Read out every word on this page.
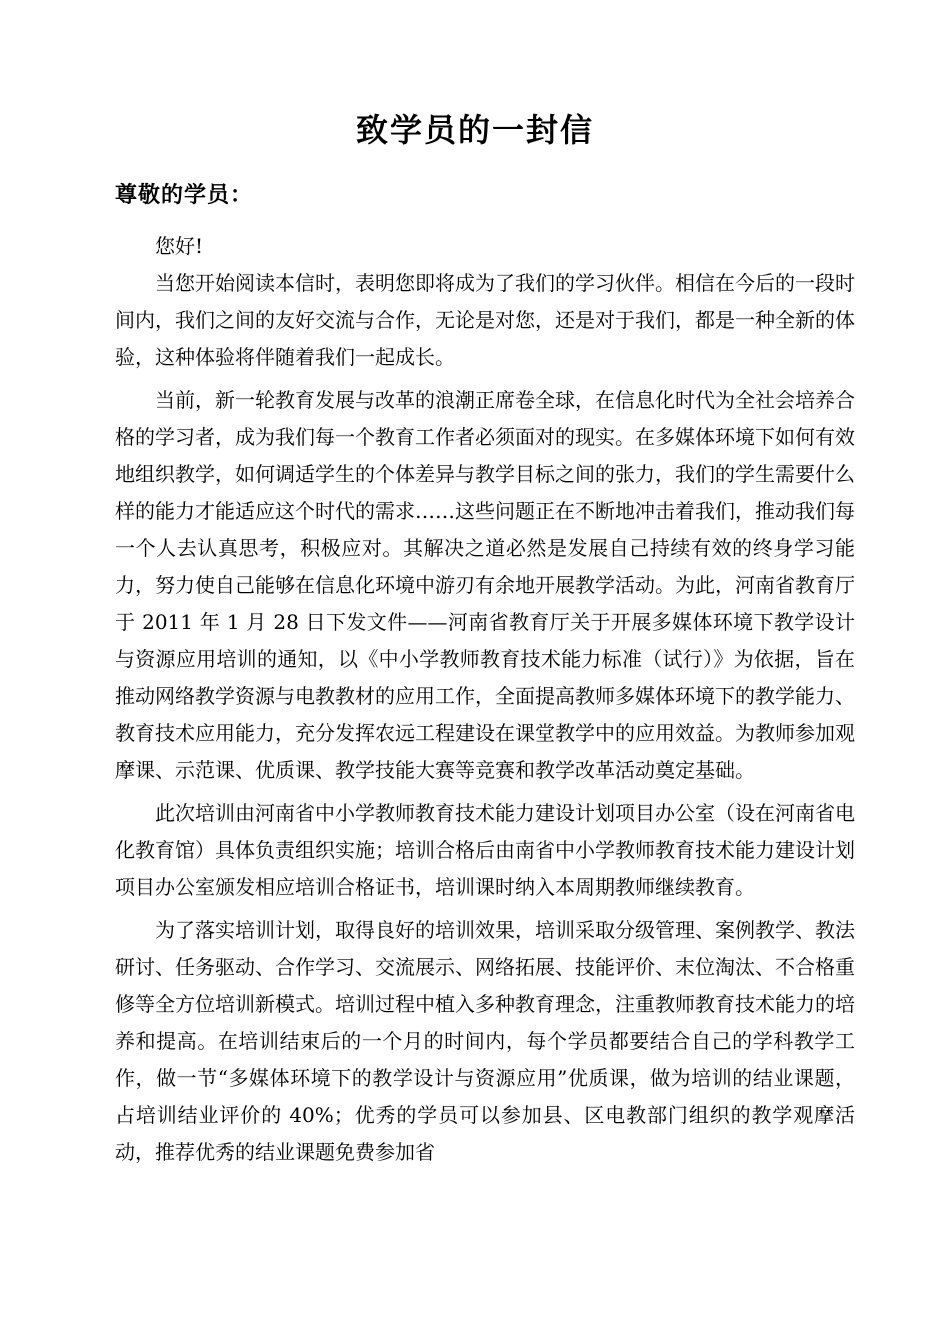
致学员的一封信
尊敬的学员：

您好!

当您开始阅读本信时，表明您即将成为了我们的学习伙伴。相信在今后的一段时间内，我们之间的友好交流与合作，无论是对您，还是对于我们，都是一种全新的体验，这种体验将伴随着我们一起成长。

当前，新一轮教育发展与改革的浪潮正席卷全球，在信息化时代为全社会培养合格的学习者，成为我们每一个教育工作者必须面对的现实。在多媒体环境下如何有效地组织教学，如何调适学生的个体差异与教学目标之间的张力，我们的学生需要什么样的能力才能适应这个时代的需求……这些问题正在不断地冲击着我们，推动我们每一个人去认真思考，积极应对。其解决之道必然是发展自己持续有效的终身学习能力，努力使自己能够在信息化环境中游刃有余地开展教学活动。为此，河南省教育厅于 2011 年 1 月 28 日下发文件——河南省教育厅关于开展多媒体环境下教学设计与资源应用培训的通知，以《中小学教师教育技术能力标准（试行）》为依据，旨在推动网络教学资源与电教教材的应用工作，全面提高教师多媒体环境下的教学能力、教育技术应用能力，充分发挥农远工程建设在课堂教学中的应用效益。为教师参加观摩课、示范课、优质课、教学技能大赛等竞赛和教学改革活动奠定基础。

此次培训由河南省中小学教师教育技术能力建设计划项目办公室（设在河南省电化教育馆）具体负责组织实施；培训合格后由南省中小学教师教育技术能力建设计划项目办公室颁发相应培训合格证书，培训课时纳入本周期教师继续教育。

为了落实培训计划，取得良好的培训效果，培训采取分级管理、案例教学、教法研讨、任务驱动、合作学习、交流展示、网络拓展、技能评价、末位淘汰、不合格重修等全方位培训新模式。培训过程中植入多种教育理念，注重教师教育技术能力的培养和提高。在培训结束后的一个月的时间内，每个学员都要结合自己的学科教学工作，做一节“多媒体环境下的教学设计与资源应用”优质课，做为培训的结业课题，占培训结业评价的 40%；优秀的学员可以参加县、区电教部门组织的教学观摩活动，推荐优秀的结业课题免费参加省
